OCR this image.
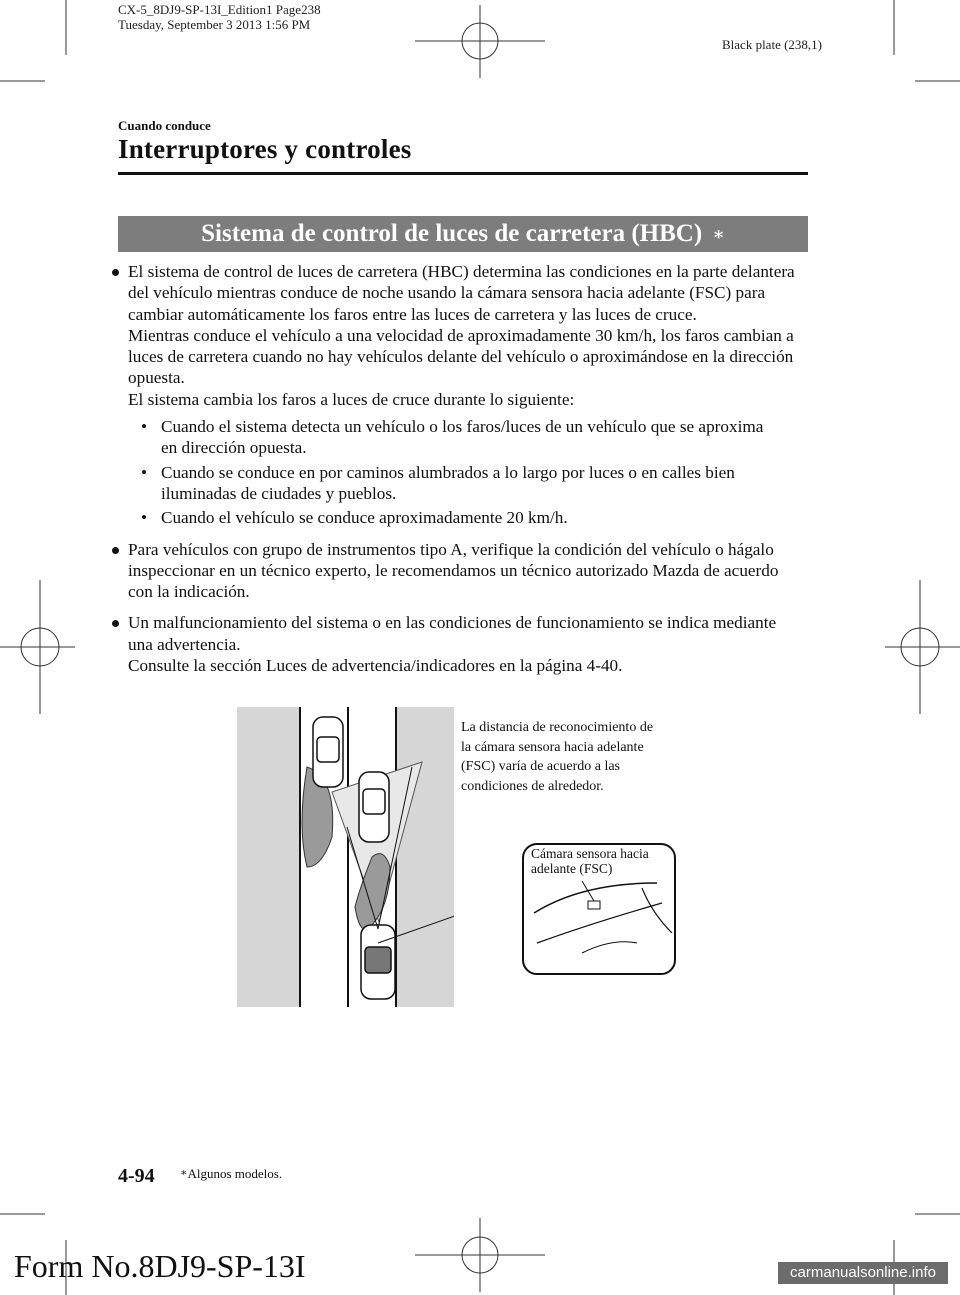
CX-5_8DJ9-SP-13I_Edition1 Page238
Tuesday, September 3 2013 1:56 PM
Black plate (238,1)
Cuando conduce
Interruptores y controles
Sistema de control de luces de carretera (HBC) ∗

El sistema de control de luces de carretera (HBC) determina las condiciones en la parte delantera del vehículo mientras conduce de noche usando la cámara sensora hacia adelante (FSC) para cambiar automáticamente los faros entre las luces de carretera y las luces de cruce.

Mientras conduce el vehículo a una velocidad de aproximadamente 30 km/h, los faros cambian a luces de carretera cuando no hay vehículos delante del vehículo o aproximándose en la dirección opuesta.

El sistema cambia los faros a luces de cruce durante lo siguiente:

• Cuando el sistema detecta un vehículo o los faros/luces de un vehículo que se aproxima en dirección opuesta.
• Cuando se conduce en por caminos alumbrados a lo largo por luces o en calles bien iluminadas de ciudades y pueblos.
• Cuando el vehículo se conduce aproximadamente 20 km/h.

Para vehículos con grupo de instrumentos tipo A, verifique la condición del vehículo o hágalo inspeccionar en un técnico experto, le recomendamos un técnico autorizado Mazda de acuerdo con la indicación.

Un malfuncionamiento del sistema o en las condiciones de funcionamiento se indica mediante una advertencia.

Consulte la sección Luces de advertencia/indicadores en la página 4-40.

La distancia de reconocimiento de
la cámara sensora hacia adelante
(FSC) varía de acuerdo a las
condiciones de alrededor.
Cámara sensora hacia
adelante (FSC)
4-94 ∗Algunos modelos.
Form No.8DJ9-SP-13I	carmanualsonline.info
